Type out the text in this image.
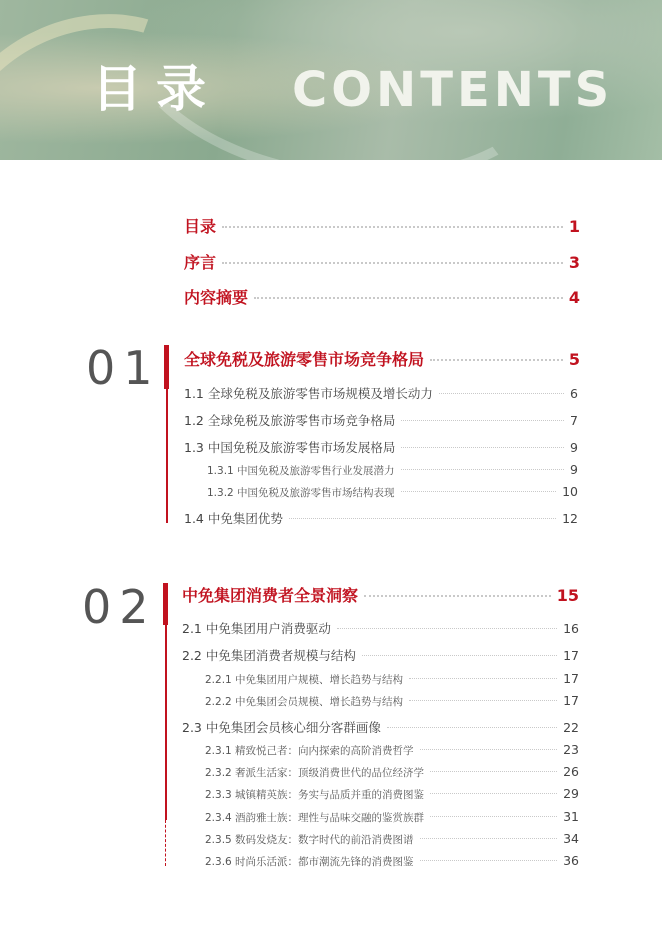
目录 CONTENTS
目录	1
序言	3
内容摘要	4
01 全球免税及旅游零售市场竞争格局	5
1.1 全球免税及旅游零售市场规模及增长动力	6
1.2 全球免税及旅游零售市场竞争格局	7
1.3 中国免税及旅游零售市场发展格局	9
1.3.1 中国免税及旅游零售行业发展潜力	9
1.3.2 中国免税及旅游零售市场结构表现	10
1.4 中免集团优势	12
02 中免集团消费者全景洞察	15
2.1 中免集团用户消费驱动	16
2.2 中免集团消费者规模与结构	17
2.2.1 中免集团用户规模、增长趋势与结构	17
2.2.2 中免集团会员规模、增长趋势与结构	17
2.3 中免集团会员核心细分客群画像	22
2.3.1 精致悦己者：向内探索的高阶消费哲学	23
2.3.2 奢派生活家：顶级消费世代的品位经济学	26
2.3.3 城镇精英族：务实与品质并重的消费图鉴	29
2.3.4 酒韵雅士族：理性与品味交融的鉴赏族群	31
2.3.5 数码发烧友：数字时代的前沿消费图谱	34
2.3.6 时尚乐活派：都市潮流先锋的消费图鉴	36
